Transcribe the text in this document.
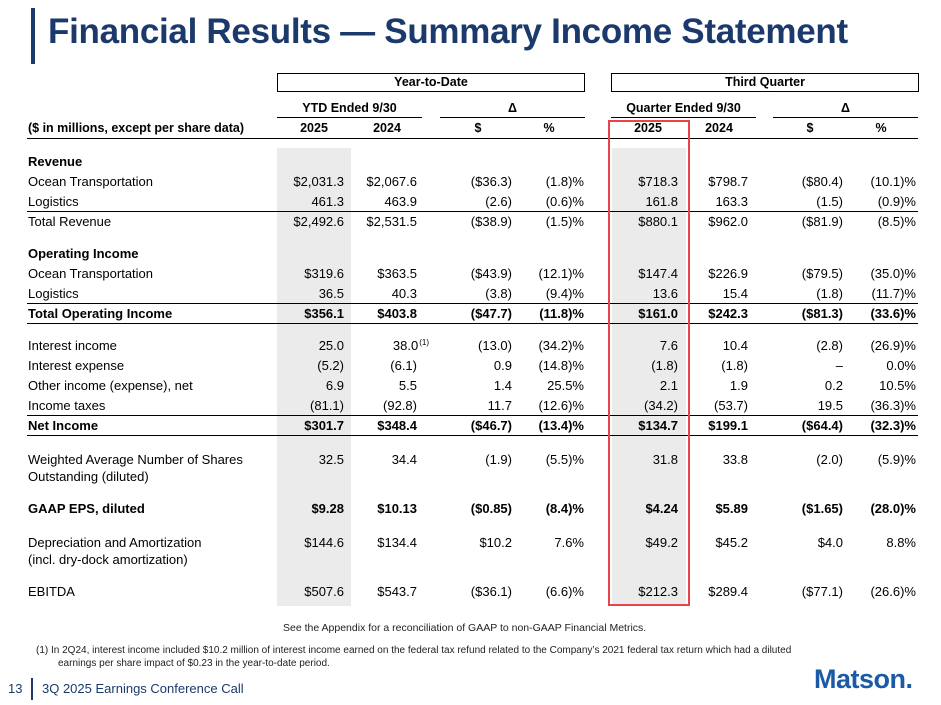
Financial Results — Summary Income Statement
Year-to-Date	Third Quarter
YTD Ended 9/30	Δ	Quarter Ended 9/30	Δ
($ in millions, except per share data)	2025	2024	$	%	2025	2024	$	%
Revenue
Ocean Transportation	$2,031.3	$2,067.6	($36.3)	(1.8)%	$718.3	$798.7	($80.4)	(10.1)%
Logistics	461.3	463.9	(2.6)	(0.6)%	161.8	163.3	(1.5)	(0.9)%
Total Revenue	$2,492.6	$2,531.5	($38.9)	(1.5)%	$880.1	$962.0	($81.9)	(8.5)%
Operating Income
Ocean Transportation	$319.6	$363.5	($43.9)	(12.1)%	$147.4	$226.9	($79.5)	(35.0)%
Logistics	36.5	40.3	(3.8)	(9.4)%	13.6	15.4	(1.8)	(11.7)%
Total Operating Income	$356.1	$403.8	($47.7)	(11.8)%	$161.0	$242.3	($81.3)	(33.6)%
Interest income	25.0	38.0$^{(1)}$	(13.0)	(34.2)%	7.6	10.4	(2.8)	(26.9)%
Interest expense	(5.2)	(6.1)	0.9	(14.8)%	(1.8)	(1.8)	–	0.0%
Other income (expense), net	6.9	5.5	1.4	25.5%	2.1	1.9	0.2	10.5%
Income taxes	(81.1)	(92.8)	11.7	(12.6)%	(34.2)	(53.7)	19.5	(36.3)%
Net Income	$301.7	$348.4	($46.7)	(13.4)%	$134.7	$199.1	($64.4)	(32.3)%
Weighted Average Number of Shares
Outstanding (diluted)
32.5	34.4	(1.9)	(5.5)%	31.8	33.8	(2.0)	(5.9)%
GAAP EPS, diluted	$9.28	$10.13	($0.85)	(8.4)%	$4.24	$5.89	($1.65)	(28.0)%
Depreciation and Amortization
(incl. dry-dock amortization)
$144.6	$134.4	$10.2	7.6%	$49.2	$45.2	$4.0	8.8%
EBITDA	$507.6	$543.7	($36.1)	(6.6)%	$212.3	$289.4	($77.1)	(26.6)%
See the Appendix for a reconciliation of GAAP to non-GAAP Financial Metrics.
(1) In 2Q24, interest income included $10.2 million of interest income earned on the federal tax refund related to the Company’s 2021 federal tax return which had a diluted
earnings per share impact of $0.23 in the year-to-date period.
13 3Q 2025 Earnings Conference Call	Matson.
